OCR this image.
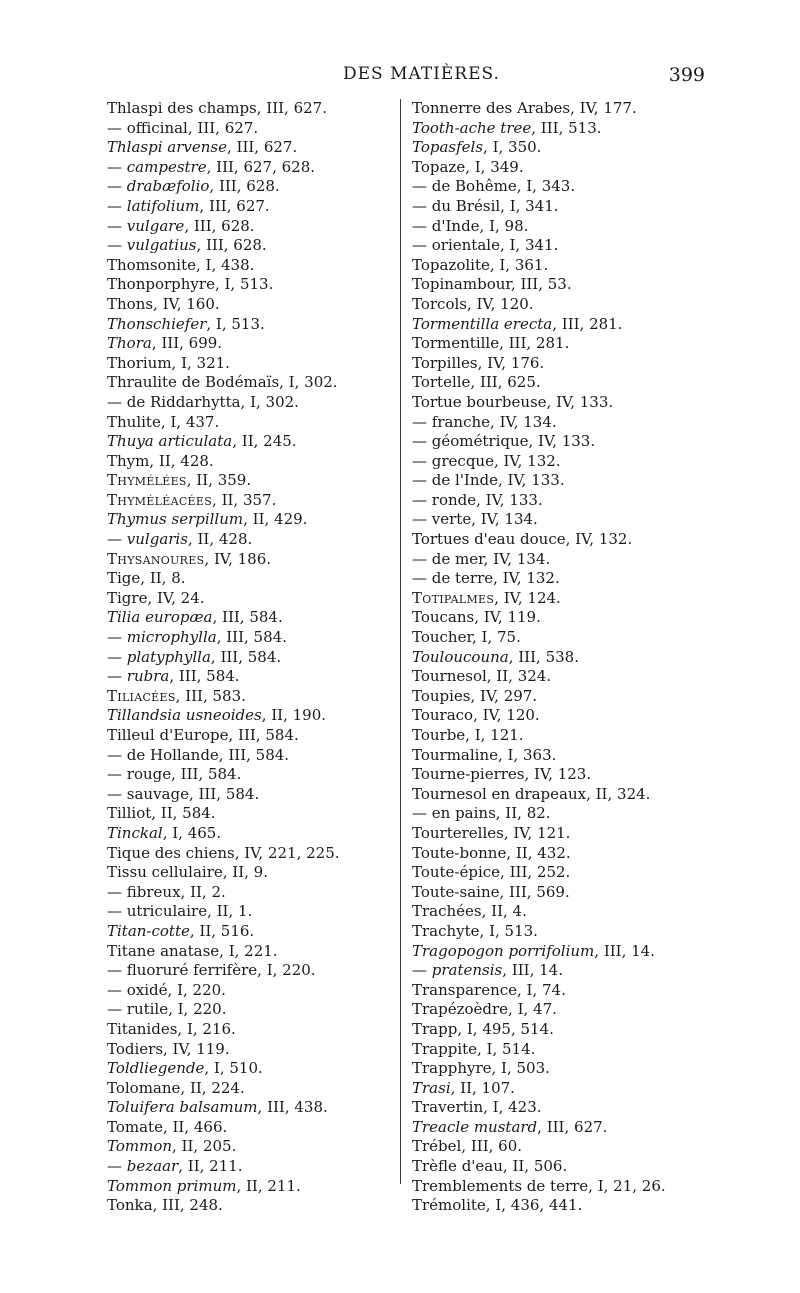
DES MATIÈRES.	399
Thlaspi des champs, III, 627.
— officinal, III, 627.
Thlaspi arvense, III, 627.
— campestre, III, 627, 628.
— drabæfolio, III, 628.
— latifolium, III, 627.
— vulgare, III, 628.
— vulgatius, III, 628.
Thomsonite, I, 438.
Thonporphyre, I, 513.
Thons, IV, 160.
Thonschiefer, I, 513.
Thora, III, 699.
Thorium, I, 321.
Thraulite de Bodémaïs, I, 302.
— de Riddarhytta, I, 302.
Thulite, I, 437.
Thuya articulata, II, 245.
Thym, II, 428.
Thymélées, II, 359.
Thyméléacées, II, 357.
Thymus serpillum, II, 429.
— vulgaris, II, 428.
Thysanoures, IV, 186.
Tige, II, 8.
Tigre, IV, 24.
Tilia europæa, III, 584.
— microphylla, III, 584.
— platyphylla, III, 584.
— rubra, III, 584.
Tiliacées, III, 583.
Tillandsia usneoides, II, 190.
Tilleul d'Europe, III, 584.
— de Hollande, III, 584.
— rouge, III, 584.
— sauvage, III, 584.
Tilliot, II, 584.
Tinckal, I, 465.
Tique des chiens, IV, 221, 225.
Tissu cellulaire, II, 9.
— fibreux, II, 2.
— utriculaire, II, 1.
Titan-cotte, II, 516.
Titane anatase, I, 221.
— fluoruré ferrifère, I, 220.
— oxidé, I, 220.
— rutile, I, 220.
Titanides, I, 216.
Todiers, IV, 119.
Toldliegende, I, 510.
Tolomane, II, 224.
Toluifera balsamum, III, 438.
Tomate, II, 466.
Tommon, II, 205.
— bezaar, II, 211.
Tommon primum, II, 211.
Tonka, III, 248.
Tonnerre des Arabes, IV, 177.
Tooth-ache tree, III, 513.
Topasfels, I, 350.
Topaze, I, 349.
— de Bohême, I, 343.
— du Brésil, I, 341.
— d'Inde, I, 98.
— orientale, I, 341.
Topazolite, I, 361.
Topinambour, III, 53.
Torcols, IV, 120.
Tormentilla erecta, III, 281.
Tormentille, III, 281.
Torpilles, IV, 176.
Tortelle, III, 625.
Tortue bourbeuse, IV, 133.
— franche, IV, 134.
— géométrique, IV, 133.
— grecque, IV, 132.
— de l'Inde, IV, 133.
— ronde, IV, 133.
— verte, IV, 134.
Tortues d'eau douce, IV, 132.
— de mer, IV, 134.
— de terre, IV, 132.
Totipalmes, IV, 124.
Toucans, IV, 119.
Toucher, I, 75.
Touloucouna, III, 538.
Tournesol, II, 324.
Toupies, IV, 297.
Touraco, IV, 120.
Tourbe, I, 121.
Tourmaline, I, 363.
Tourne-pierres, IV, 123.
Tournesol en drapeaux, II, 324.
— en pains, II, 82.
Tourterelles, IV, 121.
Toute-bonne, II, 432.
Toute-épice, III, 252.
Toute-saine, III, 569.
Trachées, II, 4.
Trachyte, I, 513.
Tragopogon porrifolium, III, 14.
— pratensis, III, 14.
Transparence, I, 74.
Trapézoèdre, I, 47.
Trapp, I, 495, 514.
Trappite, I, 514.
Trapphyre, I, 503.
Trasi, II, 107.
Travertin, I, 423.
Treacle mustard, III, 627.
Trébel, III, 60.
Trèfle d'eau, II, 506.
Tremblements de terre, I, 21, 26.
Trémolite, I, 436, 441.
